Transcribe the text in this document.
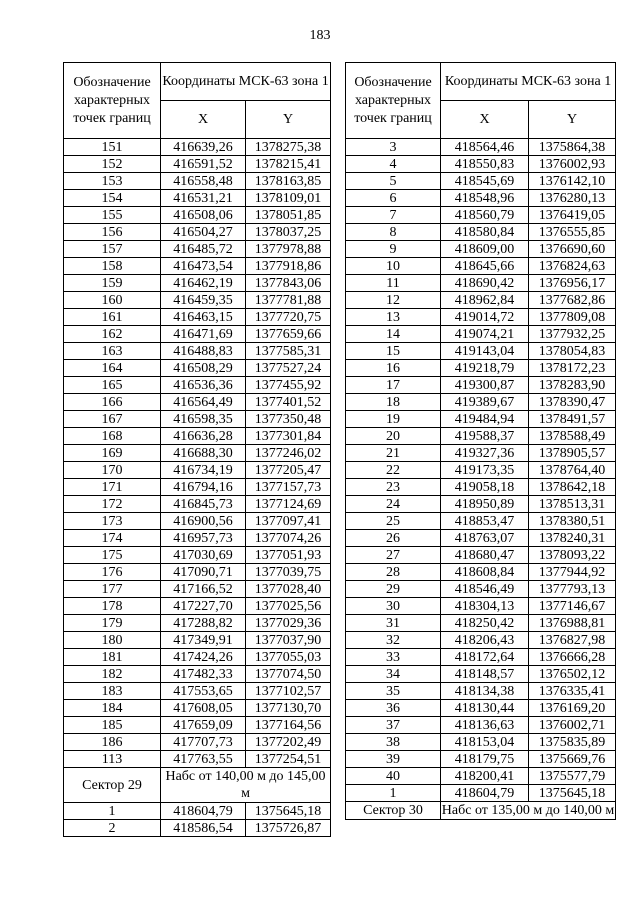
183
Обозначение характерных точек границ	Координаты МСК-63 зона 1	
	X	Y
151	416639,26	1378275,38
152	416591,52	1378215,41
153	416558,48	1378163,85
154	416531,21	1378109,01
155	416508,06	1378051,85
156	416504,27	1378037,25
157	416485,72	1377978,88
158	416473,54	1377918,86
159	416462,19	1377843,06
160	416459,35	1377781,88
161	416463,15	1377720,75
162	416471,69	1377659,66
163	416488,83	1377585,31
164	416508,29	1377527,24
165	416536,36	1377455,92
166	416564,49	1377401,52
167	416598,35	1377350,48
168	416636,28	1377301,84
169	416688,30	1377246,02
170	416734,19	1377205,47
171	416794,16	1377157,73
172	416845,73	1377124,69
173	416900,56	1377097,41
174	416957,73	1377074,26
175	417030,69	1377051,93
176	417090,71	1377039,75
177	417166,52	1377028,40
178	417227,70	1377025,56
179	417288,82	1377029,36
180	417349,91	1377037,90
181	417424,26	1377055,03
182	417482,33	1377074,50
183	417553,65	1377102,57
184	417608,05	1377130,70
185	417659,09	1377164,56
186	417707,73	1377202,49
113	417763,55	1377254,51
Сектор 29	Набс от 140,00 м до 145,00 м	
1	418604,79	1375645,18
2	418586,54	1375726,87
Обозначение характерных точек границ	Координаты МСК-63 зона 1	
	X	Y
3	418564,46	1375864,38
4	418550,83	1376002,93
5	418545,69	1376142,10
6	418548,96	1376280,13
7	418560,79	1376419,05
8	418580,84	1376555,85
9	418609,00	1376690,60
10	418645,66	1376824,63
11	418690,42	1376956,17
12	418962,84	1377682,86
13	419014,72	1377809,08
14	419074,21	1377932,25
15	419143,04	1378054,83
16	419218,79	1378172,23
17	419300,87	1378283,90
18	419389,67	1378390,47
19	419484,94	1378491,57
20	419588,37	1378588,49
21	419327,36	1378905,57
22	419173,35	1378764,40
23	419058,18	1378642,18
24	418950,89	1378513,31
25	418853,47	1378380,51
26	418763,07	1378240,31
27	418680,47	1378093,22
28	418608,84	1377944,92
29	418546,49	1377793,13
30	418304,13	1377146,67
31	418250,42	1376988,81
32	418206,43	1376827,98
33	418172,64	1376666,28
34	418148,57	1376502,12
35	418134,38	1376335,41
36	418130,44	1376169,20
37	418136,63	1376002,71
38	418153,04	1375835,89
39	418179,75	1375669,76
40	418200,41	1375577,79
1	418604,79	1375645,18
Сектор 30	Набс от 135,00 м до 140,00 м	
